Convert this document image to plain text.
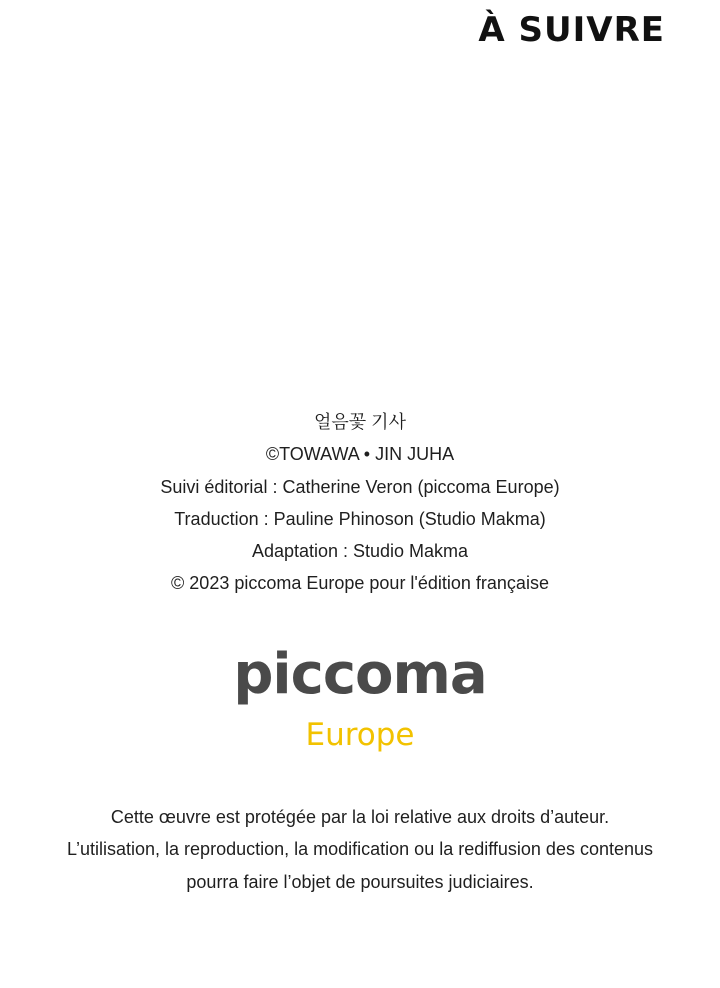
À SUIVRE
얼음꽃 기사
©TOWAWA • JIN JUHA
Suivi éditorial : Catherine Veron (piccoma Europe)
Traduction : Pauline Phinoson (Studio Makma)
Adaptation : Studio Makma
© 2023 piccoma Europe pour l'édition française
piccoma
Europe
Cette œuvre est protégée par la loi relative aux droits d’auteur.
L’utilisation, la reproduction, la modification ou la rediffusion des contenus
pourra faire l’objet de poursuites judiciaires.
